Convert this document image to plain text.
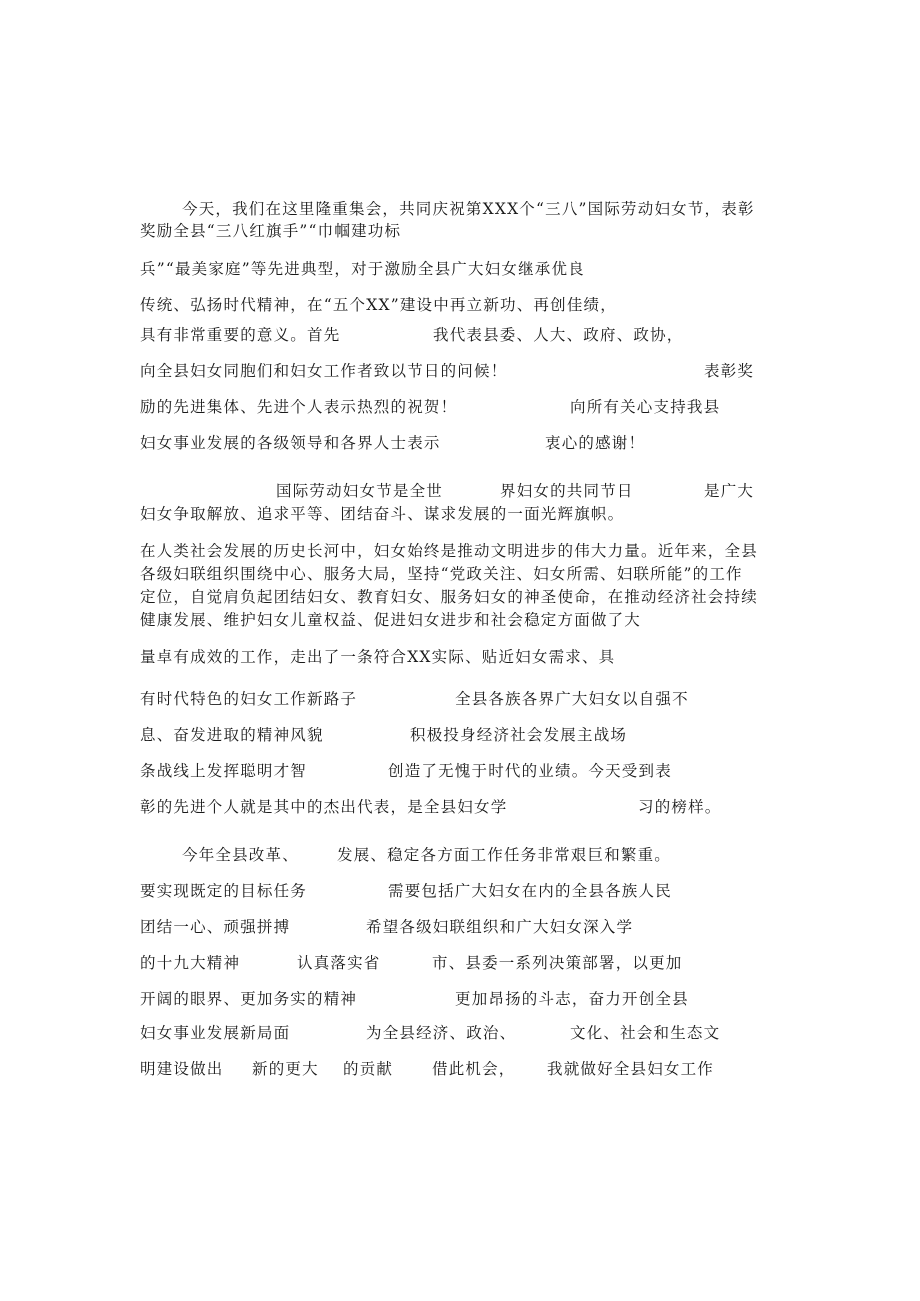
今天，我们在这里隆重集会，共同庆祝第XXX个“三八”国际劳动妇女节，表彰
奖励全县“三八红旗手”“巾帼建功标
兵”“最美家庭”等先进典型，对于激励全县广大妇女继承优良
传统、弘扬时代精神，在“五个XX”建设中再立新功、再创佳绩，
具有非常重要的意义。首先	我代表县委、人大、政府、政协，
向全县妇女同胞们和妇女工作者致以节日的问候！	表彰奖
励的先进集体、先进个人表示热烈的祝贺！	向所有关心支持我县
妇女事业发展的各级领导和各界人士表示	衷心的感谢！
国际劳动妇女节是全世	界妇女的共同节日	是广大
妇女争取解放、追求平等、团结奋斗、谋求发展的一面光辉旗帜。
在人类社会发展的历史长河中，妇女始终是推动文明进步的伟大力量。近年来，全县
各级妇联组织围绕中心、服务大局，坚持“党政关注、妇女所需、妇联所能”的工作
定位，自觉肩负起团结妇女、教育妇女、服务妇女的神圣使命，在推动经济社会持续
健康发展、维护妇女儿童权益、促进妇女进步和社会稳定方面做了大
量卓有成效的工作，走出了一条符合XX实际、贴近妇女需求、具
有时代特色的妇女工作新路子	全县各族各界广大妇女以自强不
息、奋发进取的精神风貌	积极投身经济社会发展主战场
条战线上发挥聪明才智	创造了无愧于时代的业绩。今天受到表
彰的先进个人就是其中的杰出代表，是全县妇女学	习的榜样。
今年全县改革、 发展、稳定各方面工作任务非常艰巨和繁重。
要实现既定的目标任务	需要包括广大妇女在内的全县各族人民
团结一心、顽强拼搏	希望各级妇联组织和广大妇女深入学
的十九大精神	认真落实省	市、县委一系列决策部署，以更加
开阔的眼界、更加务实的精神	更加昂扬的斗志，奋力开创全县
妇女事业发展新局面	为全县经济、政治、	文化、社会和生态文
明建设做出 新的更大 的贡献	借此机会， 我就做好全县妇女工作
